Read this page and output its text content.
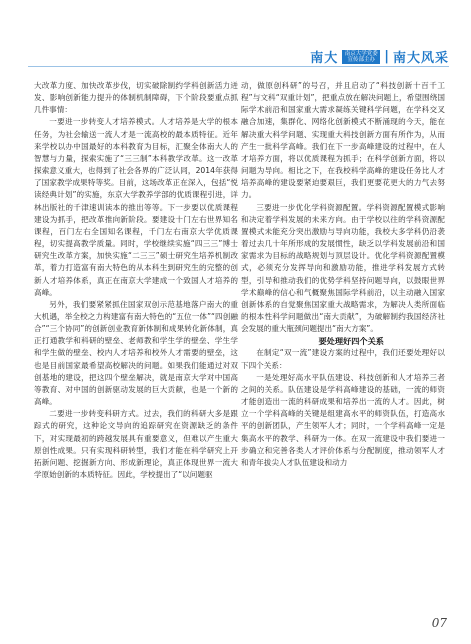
南大	南京大学党委宣传部主办 | 南大风采

大改革力度、加快改革步伐，切实破除制约学科创新活力迸发、影响创新能力提升的体制机制障碍，下个阶段要重点抓几件事情：

一要进一步转变人才培养模式。人才培养是大学的根本任务，为社会输送一流人才是一流高校的最本质特征。近年来学校以办中国最好的本科教育为目标，汇聚全体南大人的智慧与力量，探索实施了“三三制”本科教学改革。这一改革探索意义重大，也得到了社会各界的广泛认同，2014年获得了国家教学成果特等奖。目前，这场改革正在深入，包括“悦读经典计划”的实施，东京大学教养学部的优质课程引进，详林出版社的千津速训读本的推出等等。下一步要以优质课程建设为抓手，把改革推向新阶段。要建设十门左右世界知名课程，百门左右全国知名课程，千门左右南京大学优质课程，切实提高教学质量。同时，学校继续实施“四三三”博士研究生改革方案，加快实施“二三三”硕士研究生培养机制改革，着力打造富有南大特色的从本科生到研究生的完整的创新人才培养体系，真正在南京大学建成一个致国人才培养的高峰。

另外，我们要紧紧抓住国家双创示范基地落户南大的重大机遇，举全校之力构建富有南大特色的“五位一体”“四创融合”“三个协同”的创新创业教育新体制和成果转化新体制，真正打通教学和科研的壁垒、老师教和学生学的壁垒、学生学和学生做的壁垒、校内人才培养和校外人才需要的壁垒，这也是目前国家最希望高校解决的问题。如果我们能通过对双创基地的建设，把这四个壁垒解决，就是南京大学对中国高等教育、对中国的创新驱动发展的巨大贡献，也是一个新的高峰。

二要进一步转变科研方式。过去，我们的科研大多是跟踪式的研究，这种论文导向的追踪研究在资源缺乏的条件下，对实现最初的跨越发展具有重要意义，但难以产生重大原创性成果。只有实现科研转型，我们才能在科学研究上开拓新问题、挖掘新方向、形成新理论，真正体现世界一流大学原始创新的本质特征。因此，学校提出了“以问题驱

动，做原创科研”的号召，并且启动了“科技创新十百千工程”与文科“双重计划”，把重点放在解决问题上，希望围绕国际学术前沿和国家重大需求凝练关键科学问题，在学科交叉融合加速，集群化、网络化创新模式不断涌现的今天，能在解决重大科学问题、实现重大科技创新方面有所作为，从而产生一批科学高峰。我们在下一步高峰建设的过程中，在人才培养方面，将以优质课程为抓手；在科学创新方面，将以问题为导向。相比之下，在我校科学高峰的建设任务比人才培养高峰的建设要紧迫要艰巨，我们更要花更大的力气去努力。

三要进一步优化学科资源配置。学科资源配置模式影响和决定着学科发展的未来方向。由于学校以往的学科资源配置模式未能充分突出激励与导向功能，我校大多学科仍沿袭着过去几十年所形成的发展惯性，缺乏以学科发展前沿和国家需求为目标的战略规划与顶层设计。优化学科资源配置模式，必须充分发挥导向和激励功能，推进学科发展方式转型，引导和推动我们的优势学科坚持问题导向，以鼓眼世界学术巅峰的信心和气概聚焦国际学科前沿，以主动融入国家创新体系的自觉聚焦国家重大战略需求，为解决人类所面临的根本性科学问题做出“南大贡献”，为破解制约我国经济社会发展的重大瓶颈问题提出“南大方案”。

要处理好四个关系

在制定“双一流”建设方案的过程中，我们还要处理好以下四个关系：

一是处理好高水平队伍建设、科技创新和人才培养三者之间的关系。队伍建设是学科高峰建设的基础，一流的师资才能创造出一流的科研成果和培养出一流的人才。因此，树立一个学科高峰的关键是组建高水平的师资队伍，打造高水平的创新团队，产生领军人才；同时，一个学科高峰一定是集高水平的教学、科研为一体。在双一流建设中我们要进一步确立和完善各类人才评价体系与分配制度，推动领军人才和青年拔尖人才队伍建设和动力

07
